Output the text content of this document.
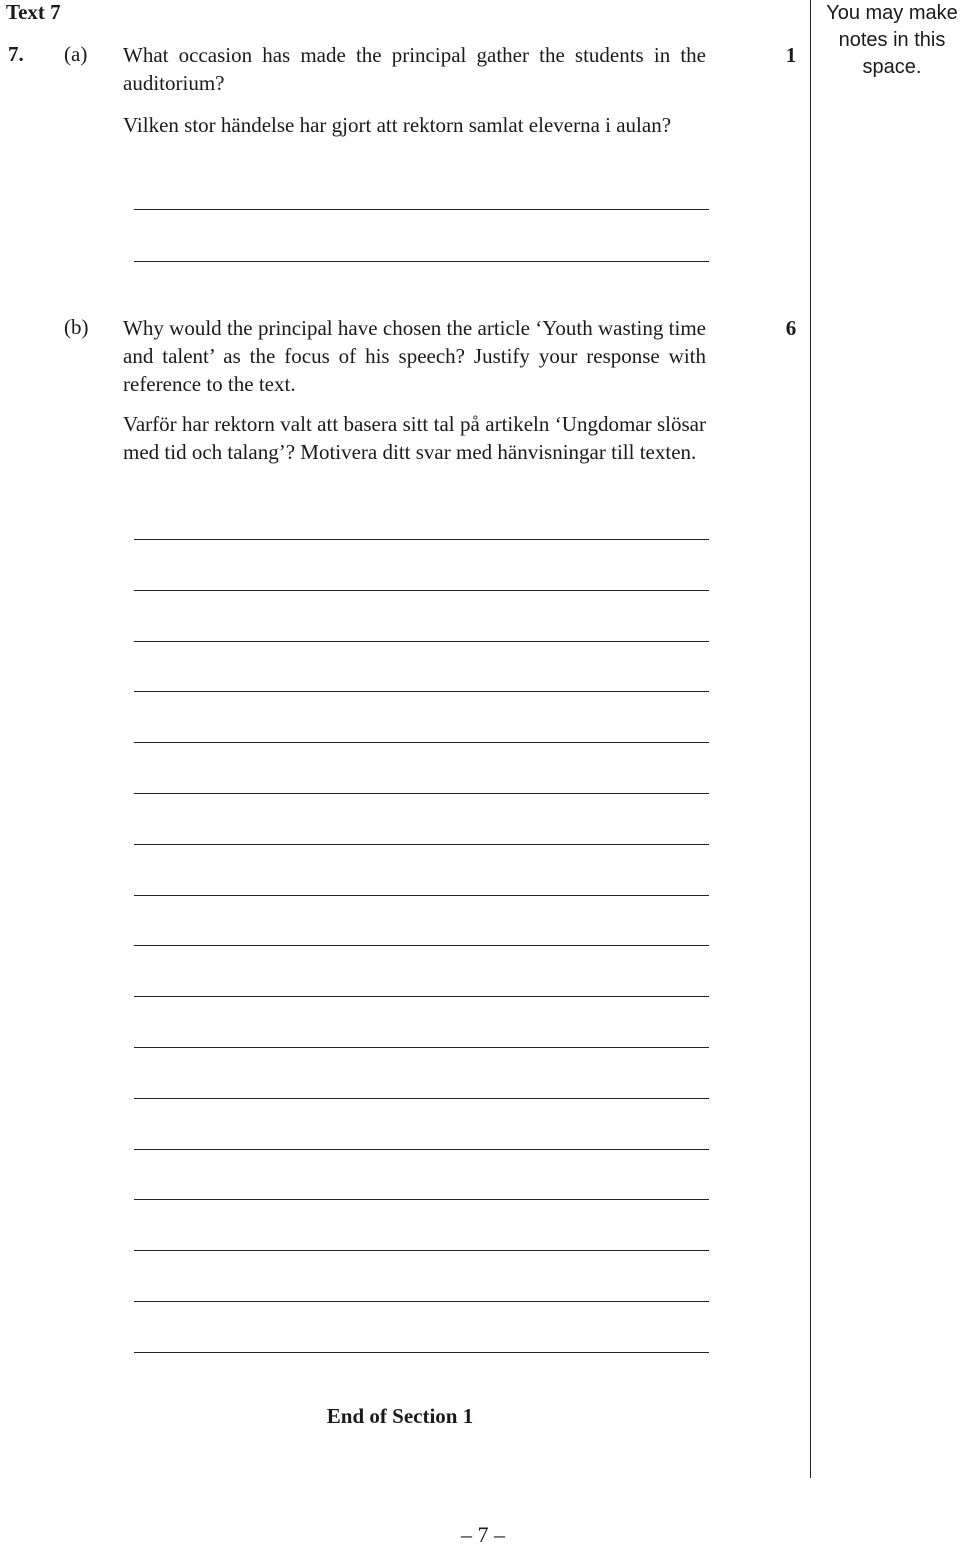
Text 7
7. (a) What occasion has made the principal gather the students in the auditorium?
Vilken stor händelse har gjort att rektorn samlat eleverna i aulan?
1
(b) Why would the principal have chosen the article ‘Youth wasting time and talent’ as the focus of his speech? Justify your response with reference to the text.
Varför har rektorn valt att basera sitt tal på artikeln ‘Ungdomar slösar med tid och talang’? Motivera ditt svar med hänvisningar till texten.
6
You may make notes in this space.
End of Section 1
– 7 –
